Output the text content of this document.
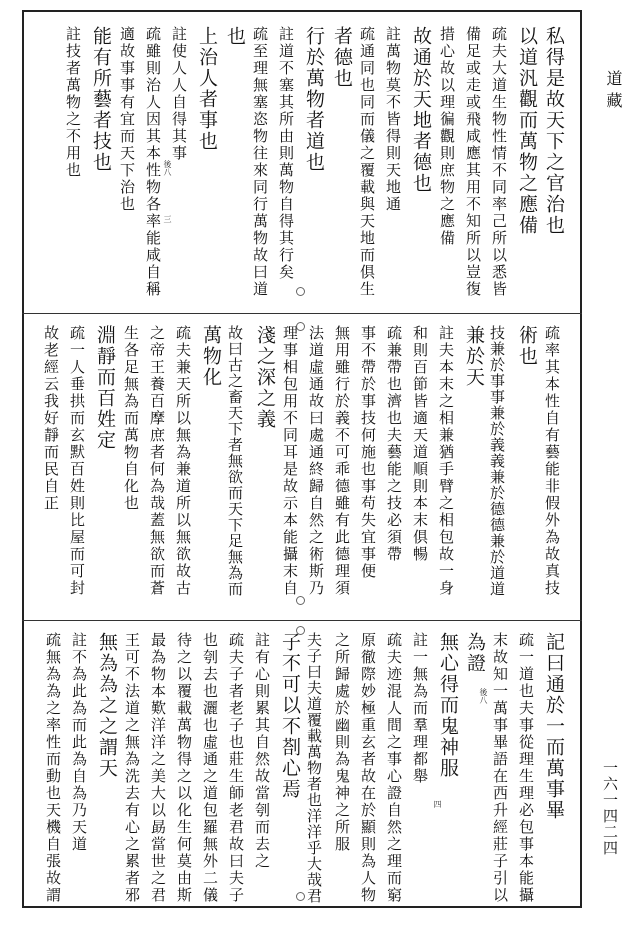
道藏
一六一四二四
私得是故天下之官治也
以道汎觀而萬物之應備
疏夫大道生物性情不同率己所以悉皆
備足或走或飛咸應其用不知所以豈復
措心故以理徧觀則庶物之應備
故通於天地者德也
註萬物莫不皆得則天地通
疏通同也同而儀之覆載與天地而俱生
者德也
行於萬物者道也
註道不塞其所由則萬物自得其行矣
疏至理無塞恣物往來同行萬物故曰道
也
上治人者事也
註使人人自得其事
疏雖則治人因其本性物各率能咸自稱
適故事事有宜而天下治也
能有所藝者技也
註技者萬物之不用也	後八
三
疏率其本性自有藝能非假外為故真技
術也
技兼於事事兼於義義兼於德德兼於道道
兼於天
註夫本末之相兼猶手臂之相包故一身
和則百節皆適天道順則本末俱暢
疏兼帶也濟也夫藝能之技必須帶
事不帶於事技何施也事苟失宜事便
無用雖行於義不可乖德雖有此德理須
法道虛通故曰處通終歸自然之術斯乃
理事相包用不同耳是故示本能攝末自
淺之深之義
故曰古之畜天下者無欲而天下足無為而
萬物化
疏夫兼天所以無為兼道所以無欲故古
之帝王養百摩庶者何為哉蓋無欲而蒼
生各足無為而萬物自化也
淵靜而百姓定
疏一人垂拱而玄默百姓則比屋而可封
故老經云我好靜而民自正
記曰通於一而萬事畢
疏一道也夫事從理生理必包事本能攝
末故知一萬事畢語在西升經莊子引以
為證
無心得而鬼神服
註一無為而羣理都舉
疏夫迹混人間之事心證自然之理而窮
原徹際妙極重玄者故在於顯則為人物
之所歸處於幽則為鬼神之所服
夫子曰夫道覆載萬物者也洋洋乎大哉君
子不可以不剳心焉
註有心則累其自然故當刳而去之
疏夫子者老子也莊生師老君故曰夫子
也刳去也灑也虛通之道包羅無外二儀
待之以覆載萬物得之以化生何莫由斯
最為物本歎洋洋之美大以勗當世之君
王可不法道之無為洗去有心之累者邪
無為為之之謂天
註不為此為而此為自為乃天道
疏無為為之率性而動也天機自張故謂	後八
四
